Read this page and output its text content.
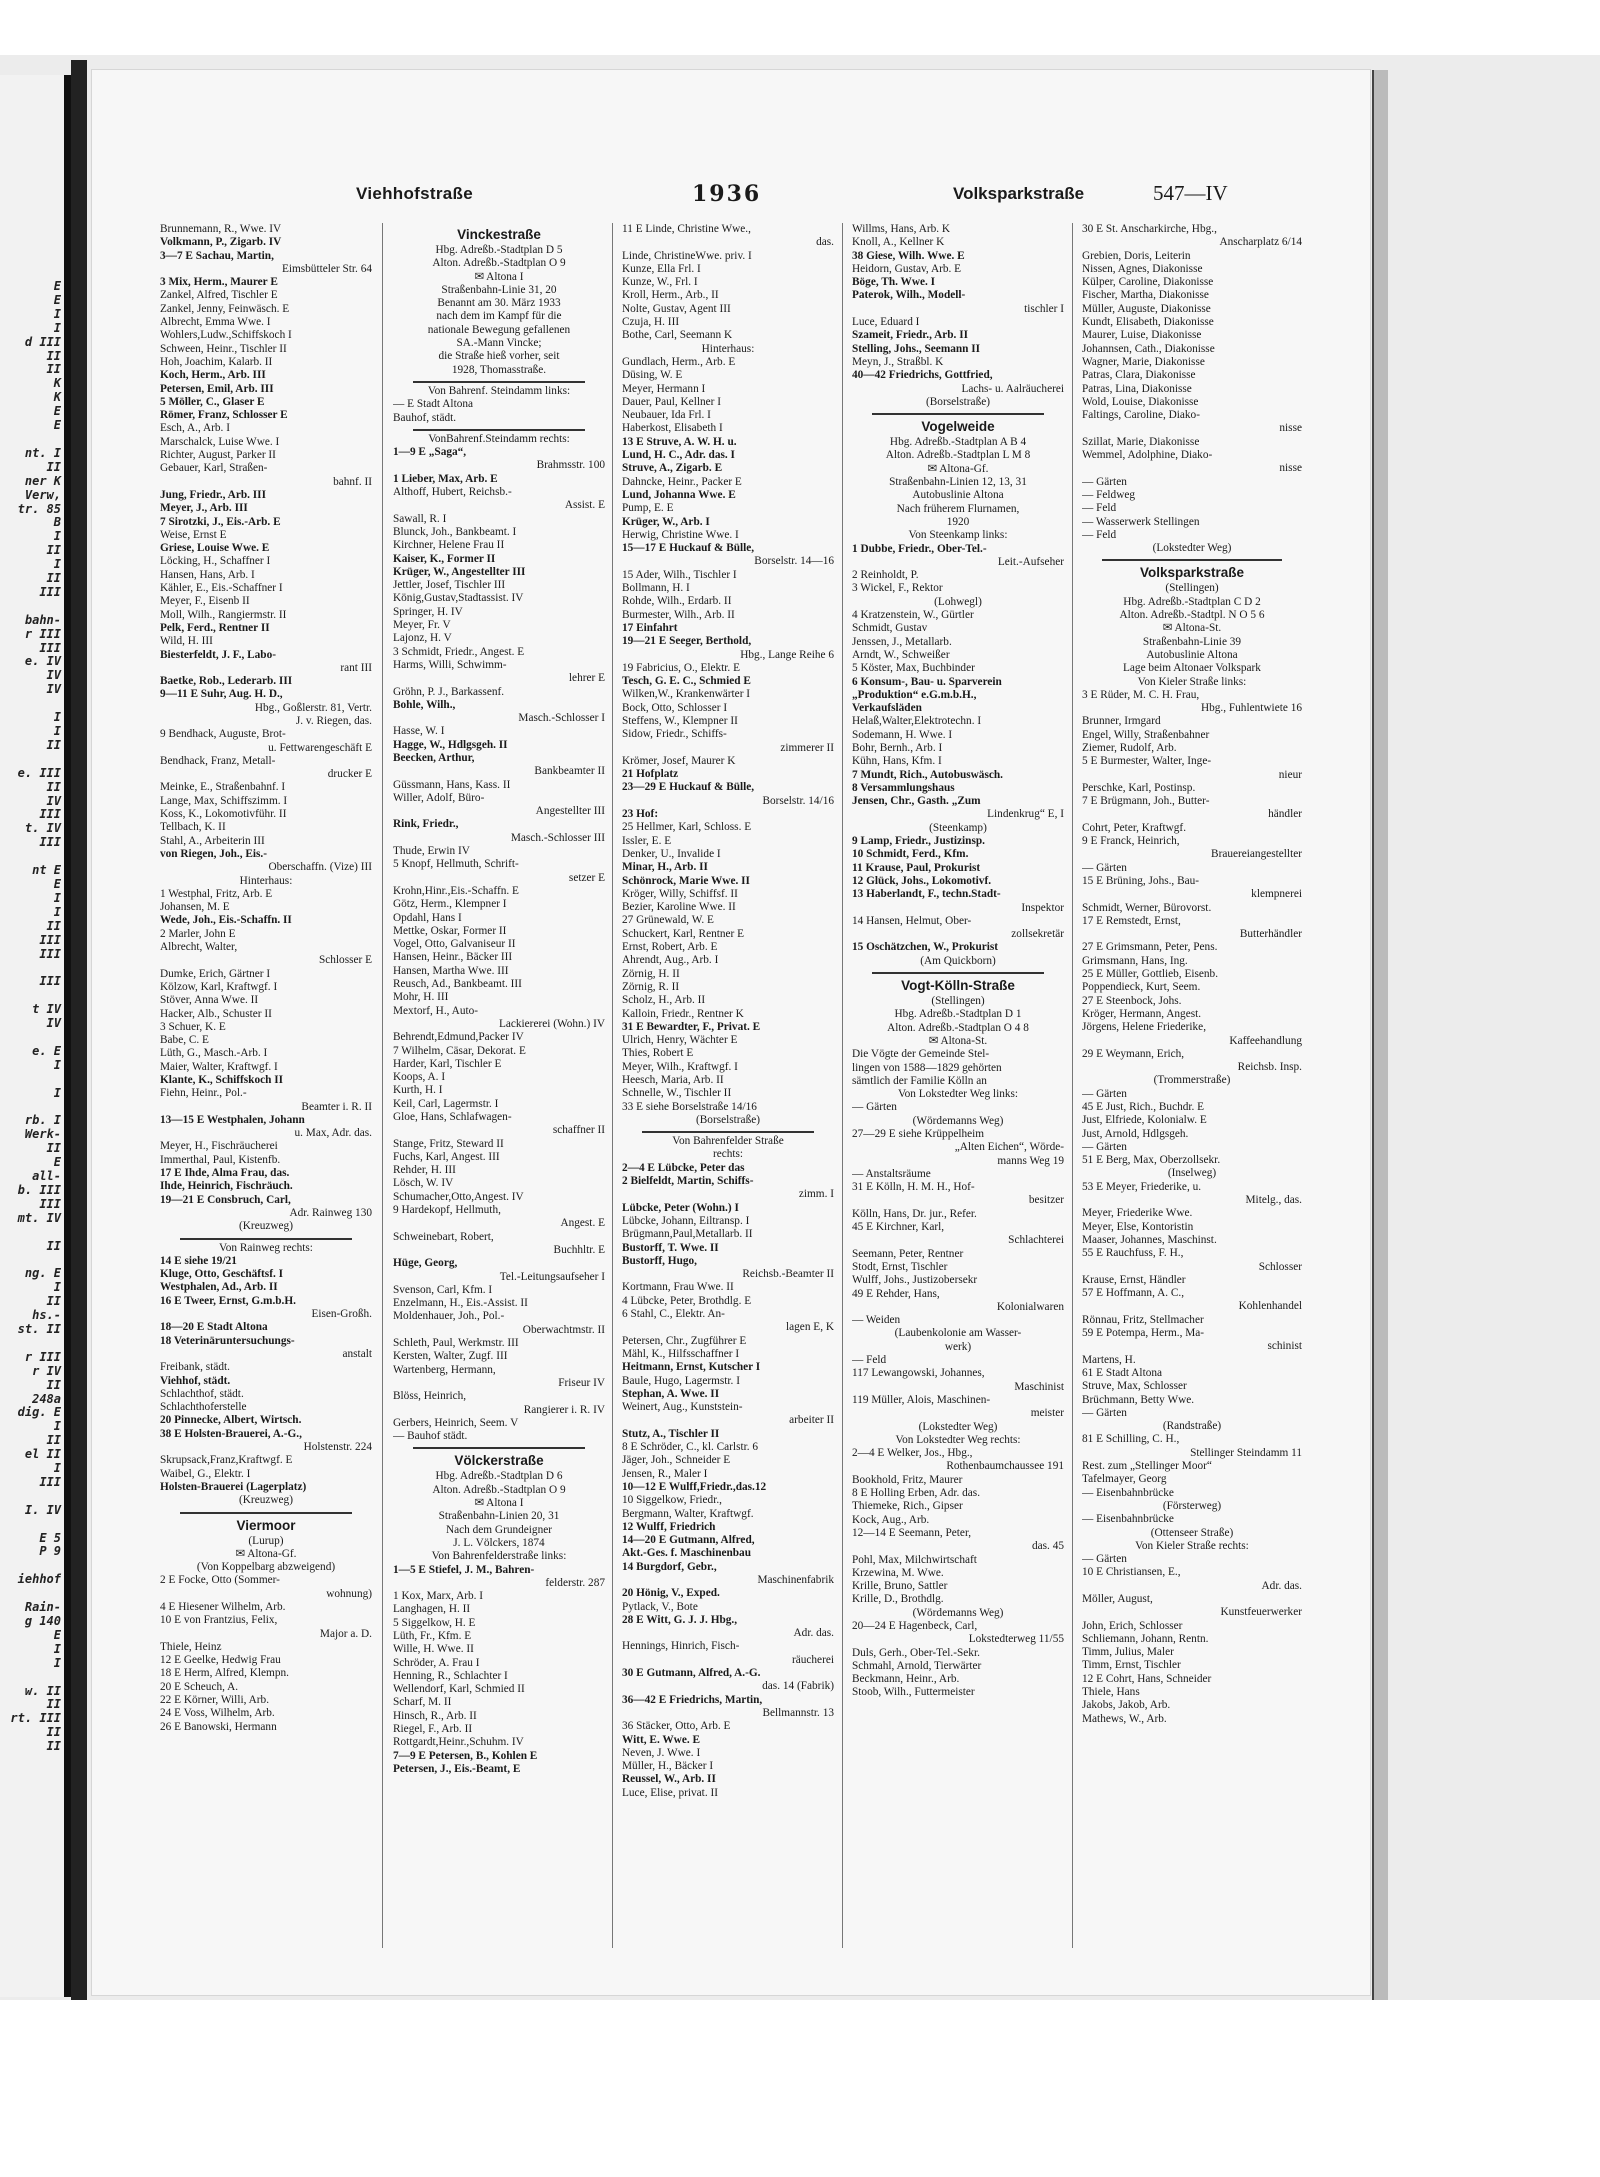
E
E
I
I
d III
II
II
K
K
E
E

nt. I
II
ner K
Verw,
tr. 85
B
I
II
I
II
III

bahn-
r III
III
e. IV
IV
IV

I
I
II

e. III
II
IV
III
t. IV
III

nt E
E
I
I
II
III
III

III

t IV
IV

e. E
I

I

rb. I
Werk-
II
E
all-
b. III
III
mt. IV

II

ng. E
I
II
hs.-
st. II

r III
r IV
II
248a
dig. E
I
II
el II
I
III

I. IV

E 5
P 9

iehhof

Rain-
g 140
E
I
I

w. II
II
rt. III
II
II
Viehhofstraße	1936	Volksparkstraße	547—IV
Brunnemann, R., Wwe. IV
Volkmann, P., Zigarb. IV
3—7 E Sachau, Martin,
Eimsbütteler Str. 64
3 Mix, Herm., Maurer E
Zankel, Alfred, Tischler E
Zankel, Jenny, Feinwäsch. E
Albrecht, Emma Wwe. I
Wohlers,Ludw.,Schiffskoch I
Schween, Heinr., Tischler II
Hoh, Joachim, Kalarb. II
Koch, Herm., Arb. III
Petersen, Emil, Arb. III
5 Möller, C., Glaser E
Römer, Franz, Schlosser E
Esch, A., Arb. I
Marschalck, Luise Wwe. I
Richter, August, Parker II
Gebauer, Karl, Straßen-
bahnf. II
Jung, Friedr., Arb. III
Meyer, J., Arb. III
7 Sirotzki, J., Eis.-Arb. E
Weise, Ernst E
Griese, Louise Wwe. E
Löcking, H., Schaffner I
Hansen, Hans, Arb. I
Kähler, E., Eis.-Schaffner I
Meyer, F., Eisenb II
Moll, Wilh., Rangiermstr. II
Pelk, Ferd., Rentner II
Wild, H. III
Biesterfeldt, J. F., Labo-
rant III
Baetke, Rob., Lederarb. III
9—11 E Suhr, Aug. H. D.,
Hbg., Goßlerstr. 81, Vertr.
J. v. Riegen, das.
9 Bendhack, Auguste, Brot-
u. Fettwarengeschäft E
Bendhack, Franz, Metall-
drucker E
Meinke, E., Straßenbahnf. I
Lange, Max, Schiffszimm. I
Koss, K., Lokomotivführ. II
Tellbach, K. II
Stahl, A., Arbeiterin III
von Riegen, Joh., Eis.-
Oberschaffn. (Vize) III
Hinterhaus:
1 Westphal, Fritz, Arb. E
Johansen, M. E
Wede, Joh., Eis.-Schaffn. II
2 Marler, John E
Albrecht, Walter,
Schlosser E
Dumke, Erich, Gärtner I
Kölzow, Karl, Kraftwgf. I
Stöver, Anna Wwe. II
Hacker, Alb., Schuster II
3 Schuer, K. E
Babe, C. E
Lüth, G., Masch.-Arb. I
Maier, Walter, Kraftwgf. I
Klante, K., Schiffskoch II
Fiehn, Heinr., Pol.-
Beamter i. R. II
13—15 E Westphalen, Johann
u. Max, Adr. das.
Meyer, H., Fischräucherei
Immerthal, Paul, Kistenfb.
17 E Ihde, Alma Frau, das.
Ihde, Heinrich, Fischräuch.
19—21 E Consbruch, Carl,
Adr. Rainweg 130
(Kreuzweg)
Von Rainweg rechts:
14 E siehe 19/21
Kluge, Otto, Geschäftsf. I
Westphalen, Ad., Arb. II
16 E Tweer, Ernst, G.m.b.H.
Eisen-Großh.
18—20 E Stadt Altona
18 Veterinäruntersuchungs-
anstalt
Freibank, städt.
Viehhof, städt.
Schlachthof, städt.
Schlachthoferstelle
20 Pinnecke, Albert, Wirtsch.
38 E Holsten-Brauerei, A.-G.,
Holstenstr. 224
Skrupsack,Franz,Kraftwgf. E
Waibel, G., Elektr. I
Holsten-Brauerei (Lagerplatz)
(Kreuzweg)
Viermoor
(Lurup)
✉ Altona-Gf.
(Von Koppelbarg abzweigend)
2 E Focke, Otto (Sommer-
wohnung)
4 E Hiesener Wilhelm, Arb.
10 E von Frantzius, Felix,
Major a. D.
Thiele, Heinz
12 E Geelke, Hedwig Frau
18 E Herm, Alfred, Klempn.
20 E Scheuch, A.
22 E Körner, Willi, Arb.
24 E Voss, Wilhelm, Arb.
26 E Banowski, Hermann
Vinckestraße
Hbg. Adreßb.-Stadtplan D 5
Alton. Adreßb.-Stadtplan O 9
✉ Altona I
Straßenbahn-Linie 31, 20
Benannt am 30. März 1933
nach dem im Kampf für die
nationale Bewegung gefallenen
SA.-Mann Vincke;
die Straße hieß vorher, seit
1928, Thomasstraße.
Von Bahrenf. Steindamm links:
— E Stadt Altona
Bauhof, städt.
VonBahrenf.Steindamm rechts:
1—9 E „Saga“,
Brahmsstr. 100
1 Lieber, Max, Arb. E
Althoff, Hubert, Reichsb.-
Assist. E
Sawall, R. I
Blunck, Joh., Bankbeamt. I
Kirchner, Helene Frau II
Kaiser, K., Former II
Krüger, W., Angestellter III
Jettler, Josef, Tischler III
König,Gustav,Stadtassist. IV
Springer, H. IV
Meyer, Fr. V
Lajonz, H. V
3 Schmidt, Friedr., Angest. E
Harms, Willi, Schwimm-
lehrer E
Gröhn, P. J., Barkassenf.
Bohle, Wilh.,
Masch.-Schlosser I
Hasse, W. I
Hagge, W., Hdlgsgeh. II
Beecken, Arthur,
Bankbeamter II
Güssmann, Hans, Kass. II
Willer, Adolf, Büro-
Angestellter III
Rink, Friedr.,
Masch.-Schlosser III
Thude, Erwin IV
5 Knopf, Hellmuth, Schrift-
setzer E
Krohn,Hinr.,Eis.-Schaffn. E
Götz, Herm., Klempner I
Opdahl, Hans I
Mettke, Oskar, Former II
Vogel, Otto, Galvaniseur II
Hansen, Heinr., Bäcker III
Hansen, Martha Wwe. III
Reusch, Ad., Bankbeamt. III
Mohr, H. III
Mextorf, H., Auto-
Lackiererei (Wohn.) IV
Behrendt,Edmund,Packer IV
7 Wilhelm, Cäsar, Dekorat. E
Harder, Karl, Tischler E
Koops, A. I
Kurth, H. I
Keil, Carl, Lagermstr. I
Gloe, Hans, Schlafwagen-
schaffner II
Stange, Fritz, Steward II
Fuchs, Karl, Angest. III
Rehder, H. III
Lösch, W. IV
Schumacher,Otto,Angest. IV
9 Hardekopf, Hellmuth,
Angest. E
Schweinebart, Robert,
Buchhltr. E
Hüge, Georg,
Tel.-Leitungsaufseher I
Svenson, Carl, Kfm. I
Enzelmann, H., Eis.-Assist. II
Moldenhauer, Joh., Pol.-
Oberwachtmstr. II
Schleth, Paul, Werkmstr. III
Kersten, Walter, Zugf. III
Wartenberg, Hermann,
Friseur IV
Blöss, Heinrich,
Rangierer i. R. IV
Gerbers, Heinrich, Seem. V
— Bauhof städt.
Völckerstraße
Hbg. Adreßb.-Stadtplan D 6
Alton. Adreßb.-Stadtplan O 9
✉ Altona I
Straßenbahn-Linien 20, 31
Nach dem Grundeigner
J. L. Völckers, 1874
Von Bahrenfelderstraße links:
1—5 E Stiefel, J. M., Bahren-
felderstr. 287
1 Kox, Marx, Arb. I
Langhagen, H. II
5 Siggelkow, H. E
Lüth, Fr., Kfm. E
Wille, H. Wwe. II
Schröder, A. Frau I
Henning, R., Schlachter I
Wellendorf, Karl, Schmied II
Scharf, M. II
Hinsch, R., Arb. II
Riegel, F., Arb. II
Rottgardt,Heinr.,Schuhm. IV
7—9 E Petersen, B., Kohlen E
Petersen, J., Eis.-Beamt, E
11 E Linde, Christine Wwe.,
das.
Linde, ChristineWwe. priv. I
Kunze, Ella Frl. I
Kunze, W., Frl. I
Kroll, Herm., Arb., II
Nolte, Gustav, Agent III
Czuja, H. III
Bothe, Carl, Seemann K
Hinterhaus:
Gundlach, Herm., Arb. E
Düsing, W. E
Meyer, Hermann I
Dauer, Paul, Kellner I
Neubauer, Ida Frl. I
Haberkost, Elisabeth I
13 E Struve, A. W. H. u.
Lund, H. C., Adr. das. I
Struve, A., Zigarb. E
Dahncke, Heinr., Packer E
Lund, Johanna Wwe. E
Pump, E. E
Krüger, W., Arb. I
Herwig, Christine Wwe. I
15—17 E Huckauf & Bülle,
Borselstr. 14—16
15 Ader, Wilh., Tischler I
Bollmann, H. I
Rohde, Wilh., Erdarb. II
Burmester, Wilh., Arb. II
17 Einfahrt
19—21 E Seeger, Berthold,
Hbg., Lange Reihe 6
19 Fabricius, O., Elektr. E
Tesch, G. E. C., Schmied E
Wilken,W., Krankenwärter I
Bock, Otto, Schlosser I
Steffens, W., Klempner II
Sidow, Friedr., Schiffs-
zimmerer II
Krömer, Josef, Maurer K
21 Hofplatz
23—29 E Huckauf & Bülle,
Borselstr. 14/16
23 Hof:
25 Hellmer, Karl, Schloss. E
Issler, E. E
Denker, U., Invalide I
Minar, H., Arb. II
Schönrock, Marie Wwe. II
Kröger, Willy, Schiffsf. II
Bezier, Karoline Wwe. II
27 Grünewald, W. E
Schuckert, Karl, Rentner E
Ernst, Robert, Arb. E
Ahrendt, Aug., Arb. I
Zörnig, H. II
Zörnig, R. II
Scholz, H., Arb. II
Kalloin, Friedr., Rentner K
31 E Bewardter, F., Privat. E
Ulrich, Henry, Wächter E
Thies, Robert E
Meyer, Wilh., Kraftwgf. I
Heesch, Maria, Arb. II
Schnelle, W., Tischler II
33 E siehe Borselstraße 14/16
(Borselstraße)
Von Bahrenfelder Straße
rechts:
2—4 E Lübcke, Peter das
2 Bielfeldt, Martin, Schiffs-
zimm. I
Lübcke, Peter (Wohn.) I
Lübcke, Johann, Eiltransp. I
Brügmann,Paul,Metallarb. II
Bustorff, T. Wwe. II
Bustorff, Hugo,
Reichsb.-Beamter II
Kortmann, Frau Wwe. II
4 Lübcke, Peter, Brothdlg. E
6 Stahl, C., Elektr. An-
lagen E, K
Petersen, Chr., Zugführer E
Mähl, K., Hilfsschaffner I
Heitmann, Ernst, Kutscher I
Baule, Hugo, Lagermstr. I
Stephan, A. Wwe. II
Weinert, Aug., Kunststein-
arbeiter II
Stutz, A., Tischler II
8 E Schröder, C., kl. Carlstr. 6
Jäger, Joh., Schneider E
Jensen, R., Maler I
10—12 E Wulff,Friedr.,das.12
10 Siggelkow, Friedr.,
Bergmann, Walter, Kraftwgf.
12 Wulff, Friedrich
14—20 E Gutmann, Alfred,
Akt.-Ges. f. Maschinenbau
14 Burgdorf, Gebr.,
Maschinenfabrik
20 Hönig, V., Exped.
Pytlack, V., Bote
28 E Witt, G. J. J. Hbg.,
Adr. das.
Hennings, Hinrich, Fisch-
räucherei
30 E Gutmann, Alfred, A.-G.
das. 14 (Fabrik)
36—42 E Friedrichs, Martin,
Bellmannstr. 13
36 Stäcker, Otto, Arb. E
Witt, E. Wwe. E
Neven, J. Wwe. I
Müller, H., Bäcker I
Reussel, W., Arb. II
Luce, Elise, privat. II
Willms, Hans, Arb. K
Knoll, A., Kellner K
38 Giese, Wilh. Wwe. E
Heidorn, Gustav, Arb. E
Böge, Th. Wwe. I
Paterok, Wilh., Modell-
tischler I
Luce, Eduard I
Szameit, Friedr., Arb. II
Stelling, Johs., Seemann II
Meyn, J., Straßbl. K
40—42 Friedrichs, Gottfried,
Lachs- u. Aalräucherei
(Borselstraße)
Vogelweide
Hbg. Adreßb.-Stadtplan A B 4
Alton. Adreßb.-Stadtplan L M 8
✉ Altona-Gf.
Straßenbahn-Linien 12, 13, 31
Autobuslinie Altona
Nach früherem Flurnamen,
1920
Von Steenkamp links:
1 Dubbe, Friedr., Ober-Tel.-
Leit.-Aufseher
2 Reinholdt, P.
3 Wickel, F., Rektor
(Lohwegl)
4 Kratzenstein, W., Gürtler
Schmidt, Gustav
Jenssen, J., Metallarb.
Arndt, W., Schweißer
5 Köster, Max, Buchbinder
6 Konsum-, Bau- u. Sparverein
„Produktion“ e.G.m.b.H.,
Verkaufsläden
Helaß,Walter,Elektrotechn. I
Sodemann, H. Wwe. I
Bohr, Bernh., Arb. I
Kühn, Hans, Kfm. I
7 Mundt, Rich., Autobuswäsch.
8 Versammlungshaus
Jensen, Chr., Gasth. „Zum
Lindenkrug“ E, I
(Steenkamp)
9 Lamp, Friedr., Justizinsp.
10 Schmidt, Ferd., Kfm.
11 Krause, Paul, Prokurist
12 Glück, Johs., Lokomotivf.
13 Haberlandt, F., techn.Stadt-
Inspektor
14 Hansen, Helmut, Ober-
zollsekretär
15 Oschätzchen, W., Prokurist
(Am Quickborn)
Vogt-Kölln-Straße
(Stellingen)
Hbg. Adreßb.-Stadtplan D 1
Alton. Adreßb.-Stadtplan O 4 8
✉ Altona-St.
Die Vögte der Gemeinde Stel-
lingen von 1588—1829 gehörten
sämtlich der Familie Kölln an
Von Lokstedter Weg links:
— Gärten
(Wördemanns Weg)
27—29 E siehe Krüppelheim
„Alten Eichen“, Wörde-
manns Weg 19
— Anstaltsräume
31 E Kölln, H. M. H., Hof-
besitzer
Kölln, Hans, Dr. jur., Refer.
45 E Kirchner, Karl,
Schlachterei
Seemann, Peter, Rentner
Stodt, Ernst, Tischler
Wulff, Johs., Justizobersekr
49 E Rehder, Hans,
Kolonialwaren
— Weiden
(Laubenkolonie am Wasser-
werk)
— Feld
117 Lewangowski, Johannes,
Maschinist
119 Müller, Alois, Maschinen-
meister
(Lokstedter Weg)
Von Lokstedter Weg rechts:
2—4 E Welker, Jos., Hbg.,
Rothenbaumchaussee 191
Bookhold, Fritz, Maurer
8 E Holling Erben, Adr. das.
Thiemeke, Rich., Gipser
Kock, Aug., Arb.
12—14 E Seemann, Peter,
das. 45
Pohl, Max, Milchwirtschaft
Krzewina, M. Wwe.
Krille, Bruno, Sattler
Krille, D., Brothdlg.
(Wördemanns Weg)
20—24 E Hagenbeck, Carl,
Lokstedterweg 11/55
Duls, Gerh., Ober-Tel.-Sekr.
Schmahl, Arnold, Tierwärter
Beckmann, Heinr., Arb.
Stoob, Wilh., Futtermeister
30 E St. Anscharkirche, Hbg.,
Anscharplatz 6/14
Grebien, Doris, Leiterin
Nissen, Agnes, Diakonisse
Külper, Caroline, Diakonisse
Fischer, Martha, Diakonisse
Müller, Auguste, Diakonisse
Kundt, Elisabeth, Diakonisse
Maurer, Luise, Diakonisse
Johannsen, Cath., Diakonisse
Wagner, Marie, Diakonisse
Patras, Clara, Diakonisse
Patras, Lina, Diakonisse
Wold, Louise, Diakonisse
Faltings, Caroline, Diako-
nisse
Szillat, Marie, Diakonisse
Wemmel, Adolphine, Diako-
nisse
— Gärten
— Feldweg
— Feld
— Wasserwerk Stellingen
— Feld
(Lokstedter Weg)
Volksparkstraße
(Stellingen)
Hbg. Adreßb.-Stadtplan C D 2
Alton. Adreßb.-Stadtpl. N O 5 6
✉ Altona-St.
Straßenbahn-Linie 39
Autobuslinie Altona
Lage beim Altonaer Volkspark
Von Kieler Straße links:
3 E Rüder, M. C. H. Frau,
Hbg., Fuhlentwiete 16
Brunner, Irmgard
Engel, Willy, Straßenbahner
Ziemer, Rudolf, Arb.
5 E Burmester, Walter, Inge-
nieur
Perschke, Karl, Postinsp.
7 E Brügmann, Joh., Butter-
händler
Cohrt, Peter, Kraftwgf.
9 E Franck, Heinrich,
Brauereiangestellter
— Gärten
15 E Brüning, Johs., Bau-
klempnerei
Schmidt, Werner, Bürovorst.
17 E Remstedt, Ernst,
Butterhändler
27 E Grimsmann, Peter, Pens.
Grimsmann, Hans, Ing.
25 E Müller, Gottlieb, Eisenb.
Poppendieck, Kurt, Seem.
27 E Steenbock, Johs.
Kröger, Hermann, Angest.
Jörgens, Helene Friederike,
Kaffeehandlung
29 E Weymann, Erich,
Reichsb. Insp.
(Trommerstraße)
— Gärten
45 E Just, Rich., Buchdr. E
Just, Elfriede, Kolonialw. E
Just, Arnold, Hdlgsgeh.
— Gärten
51 E Berg, Max, Oberzollsekr.
(Inselweg)
53 E Meyer, Friederike, u.
Mitelg., das.
Meyer, Friederike Wwe.
Meyer, Else, Kontoristin
Maaser, Johannes, Maschinst.
55 E Rauchfuss, F. H.,
Schlosser
Krause, Ernst, Händler
57 E Hoffmann, A. C.,
Kohlenhandel
Rönnau, Fritz, Stellmacher
59 E Potempa, Herm., Ma-
schinist
Martens, H.
61 E Stadt Altona
Struve, Max, Schlosser
Brüchmann, Betty Wwe.
— Gärten
(Randstraße)
81 E Schilling, C. H.,
Stellinger Steindamm 11
Rest. zum „Stellinger Moor“
Tafelmayer, Georg
— Eisenbahnbrücke
(Försterweg)
— Eisenbahnbrücke
(Ottenseer Straße)
Von Kieler Straße rechts:
— Gärten
10 E Christiansen, E.,
Adr. das.
Möller, August,
Kunstfeuerwerker
John, Erich, Schlosser
Schliemann, Johann, Rentn.
Timm, Julius, Maler
Timm, Ernst, Tischler
12 E Cohrt, Hans, Schneider
Thiele, Hans
Jakobs, Jakob, Arb.
Mathews, W., Arb.
